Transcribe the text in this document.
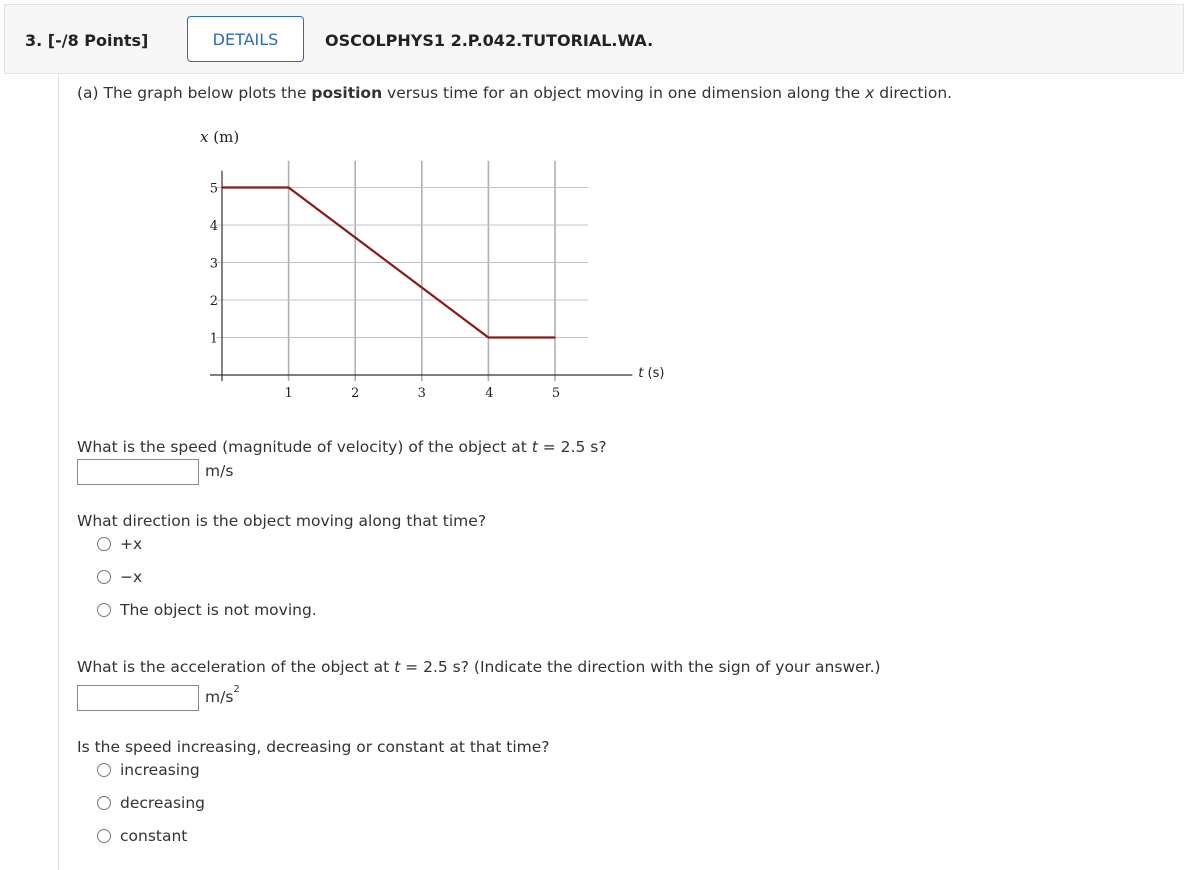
3. [-/8 Points]	DETAILS	OSCOLPHYS1 2.P.042.TUTORIAL.WA.
(a) The graph below plots the position versus time for an object moving in one dimension along the x direction.
1	2	3	4	5
1
2
3
4
5
x (m)
t (s)
What is the speed (magnitude of velocity) of the object at t = 2.5 s?
m/s
What direction is the object moving along that time?
+x
−x
The object is not moving.
What is the acceleration of the object at t = 2.5 s? (Indicate the direction with the sign of your answer.)
$m/s^2$
Is the speed increasing, decreasing or constant at that time?
increasing
decreasing
constant
